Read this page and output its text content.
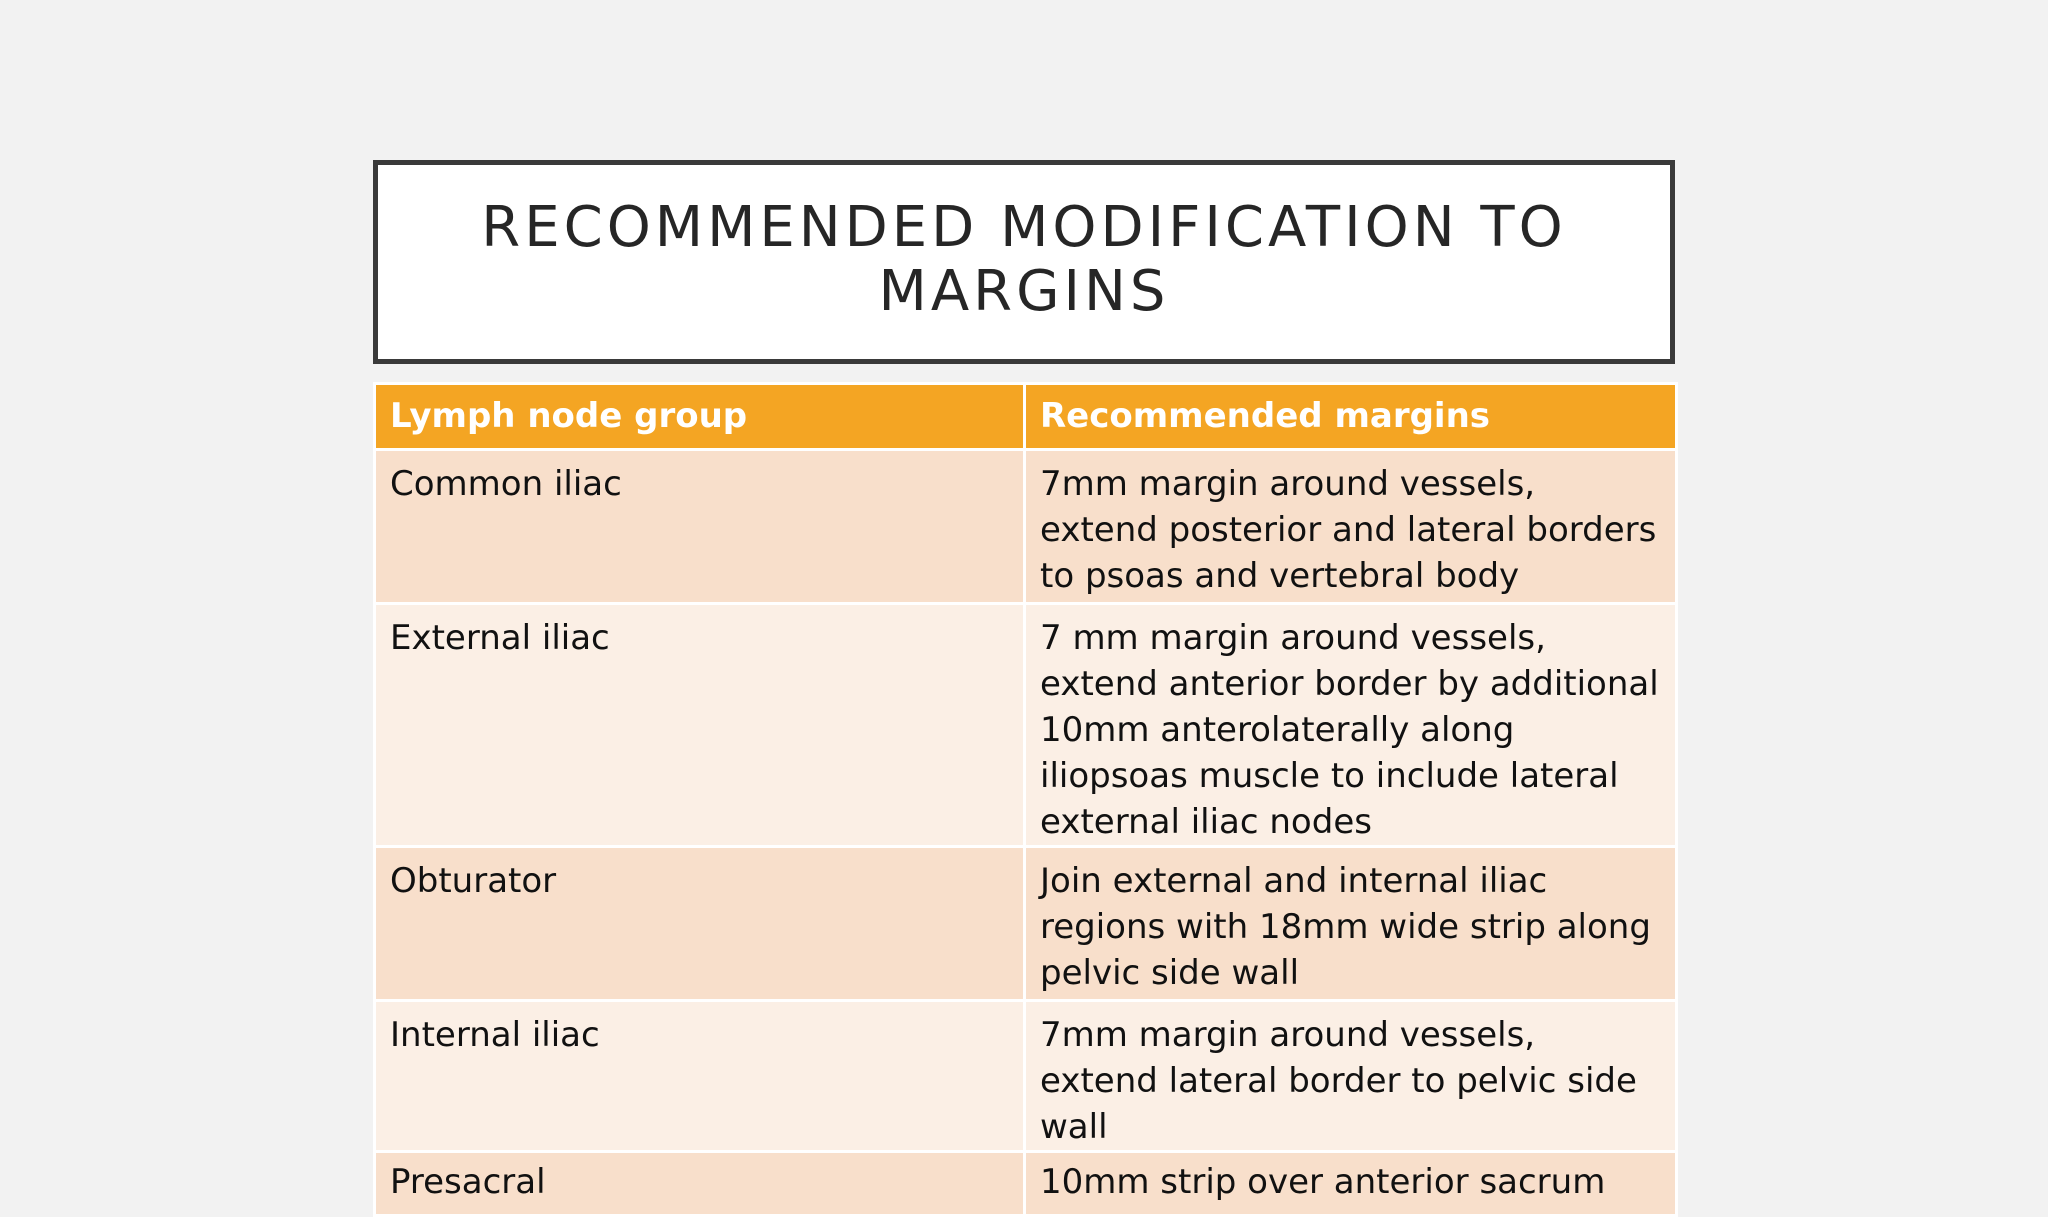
RECOMMENDED MODIFICATION TO MARGINS
Lymph node group	Recommended margins
Common iliac	7mm margin around vessels, extend posterior and lateral borders to psoas and vertebral body
External iliac	7 mm margin around vessels, extend anterior border by additional 10mm anterolaterally along iliopsoas muscle to include lateral external iliac nodes
Obturator	Join external and internal iliac regions with 18mm wide strip along pelvic side wall
Internal iliac	7mm margin around vessels, extend lateral border to pelvic side wall
Presacral	10mm strip over anterior sacrum
